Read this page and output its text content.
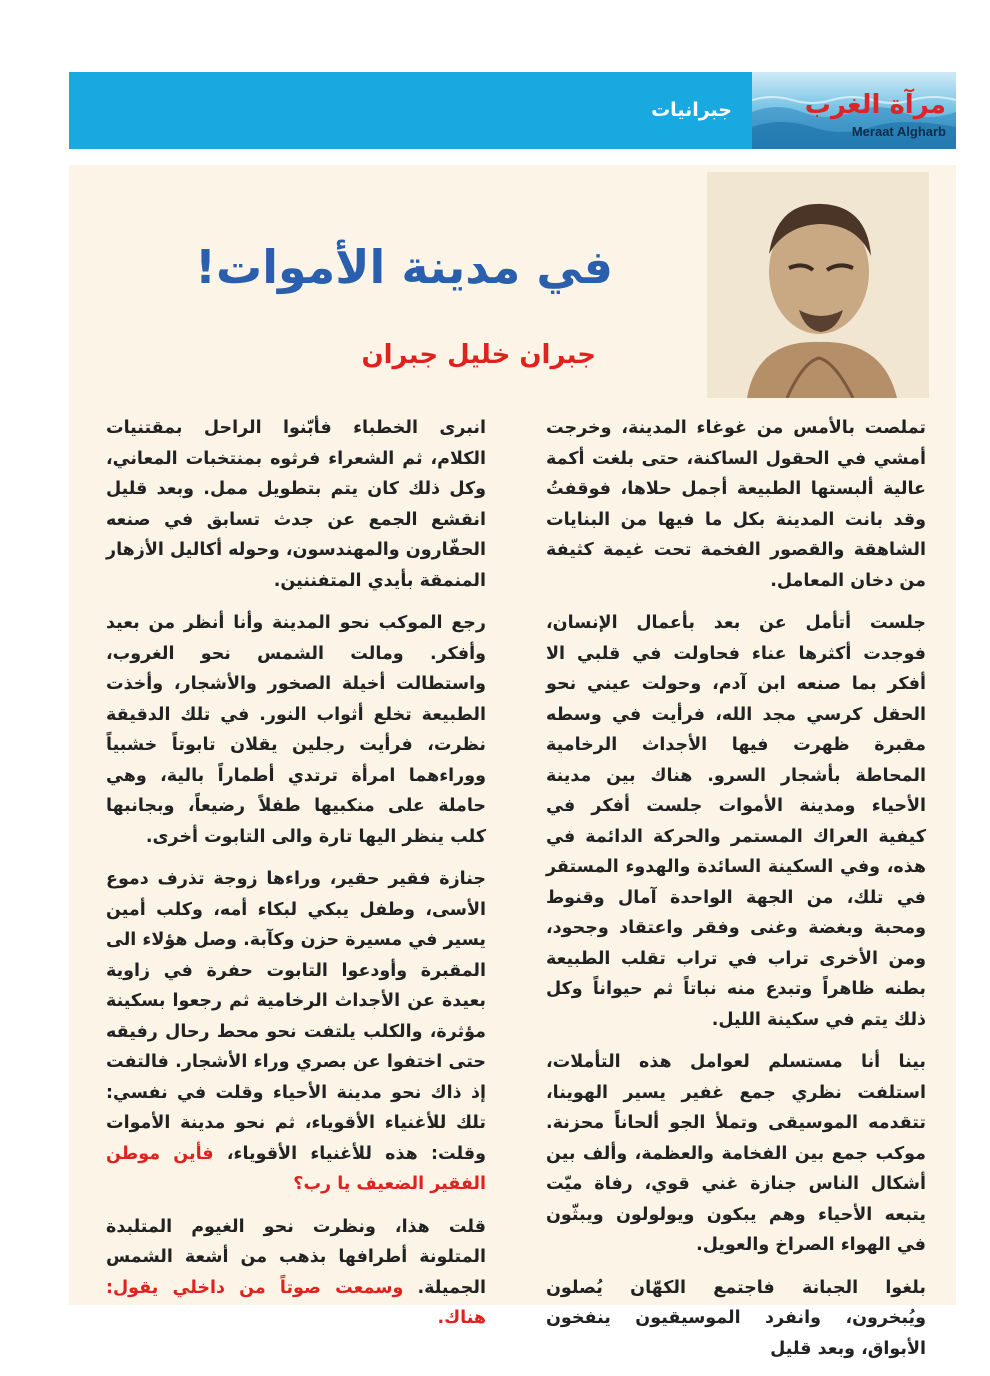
جبرانيات	مرآة الغرب
Meraat Algharb
في مدينة الأموات!
جبران خليل جبران

تملصت بالأمس من غوغاء المدينة، وخرجت أمشي في الحقول الساكنة، حتى بلغت أكمة عالية ألبستها الطبيعة أجمل حلاها، فوقفتُ وقد بانت المدينة بكل ما فيها من البنايات الشاهقة والقصور الفخمة تحت غيمة كثيفة من دخان المعامل.

جلست أتأمل عن بعد بأعمال الإنسان، فوجدت أكثرها عناء فحاولت في قلبي الا أفكر بما صنعه ابن آدم، وحولت عيني نحو الحقل كرسي مجد الله، فرأيت في وسطه مقبرة ظهرت فيها الأجداث الرخامية المحاطة بأشجار السرو. هناك بين مدينة الأحياء ومدينة الأموات جلست أفكر في كيفية العراك المستمر والحركة الدائمة في هذه، وفي السكينة السائدة والهدوء المستقر في تلك، من الجهة الواحدة آمال وقنوط ومحبة وبغضة وغنى وفقر واعتقاد وجحود، ومن الأخرى تراب في تراب تقلب الطبيعة بطنه ظاهراً وتبدع منه نباتاً ثم حيواناً وكل ذلك يتم في سكينة الليل.

بينا أنا مستسلم لعوامل هذه التأملات، استلفت نظري جمع غفير يسير الهوينا، تتقدمه الموسيقى وتملأ الجو ألحاناً محزنة. موكب جمع بين الفخامة والعظمة، وألف بين أشكال الناس جنازة غني قوي، رفاة ميّت يتبعه الأحياء وهم يبكون ويولولون ويبثّون في الهواء الصراخ والعويل.

بلغوا الجبانة فاجتمع الكهّان يُصلون ويُبخرون، وانفرد الموسيقيون ينفخون الأبواق، وبعد قليل

انبرى الخطباء فأبّنوا الراحل بمقتنيات الكلام، ثم الشعراء فرثوه بمنتخبات المعاني، وكل ذلك كان يتم بتطويل ممل. وبعد قليل انقشع الجمع عن جدث تسابق في صنعه الحفّارون والمهندسون، وحوله أكاليل الأزهار المنمقة بأيدي المتفننين.

رجع الموكب نحو المدينة وأنا أنظر من بعيد وأفكر. ومالت الشمس نحو الغروب، واستطالت أخيلة الصخور والأشجار، وأخذت الطبيعة تخلع أثواب النور. في تلك الدقيقة نظرت، فرأيت رجلين يقلان تابوتاً خشبياً ووراءهما امرأة ترتدي أطماراً بالية، وهي حاملة على منكبيها طفلاً رضيعاً، وبجانبها كلب ينظر اليها تارة والى التابوت أخرى.

جنازة فقير حقير، وراءها زوجة تذرف دموع الأسى، وطفل يبكي لبكاء أمه، وكلب أمين يسير في مسيرة حزن وكآبة. وصل هؤلاء الى المقبرة وأودعوا التابوت حفرة في زاوية بعيدة عن الأجداث الرخامية ثم رجعوا بسكينة مؤثرة، والكلب يلتفت نحو محط رحال رفيقه حتى اختفوا عن بصري وراء الأشجار. فالتفت إذ ذاك نحو مدينة الأحياء وقلت في نفسي: تلك للأغنياء الأقوياء، ثم نحو مدينة الأموات وقلت: هذه للأغنياء الأقوياء، فأين موطن الفقير الضعيف يا رب؟

قلت هذا، ونظرت نحو الغيوم المتلبدة المتلونة أطرافها بذهب من أشعة الشمس الجميلة. وسمعت صوتاً من داخلي يقول: هناك.
